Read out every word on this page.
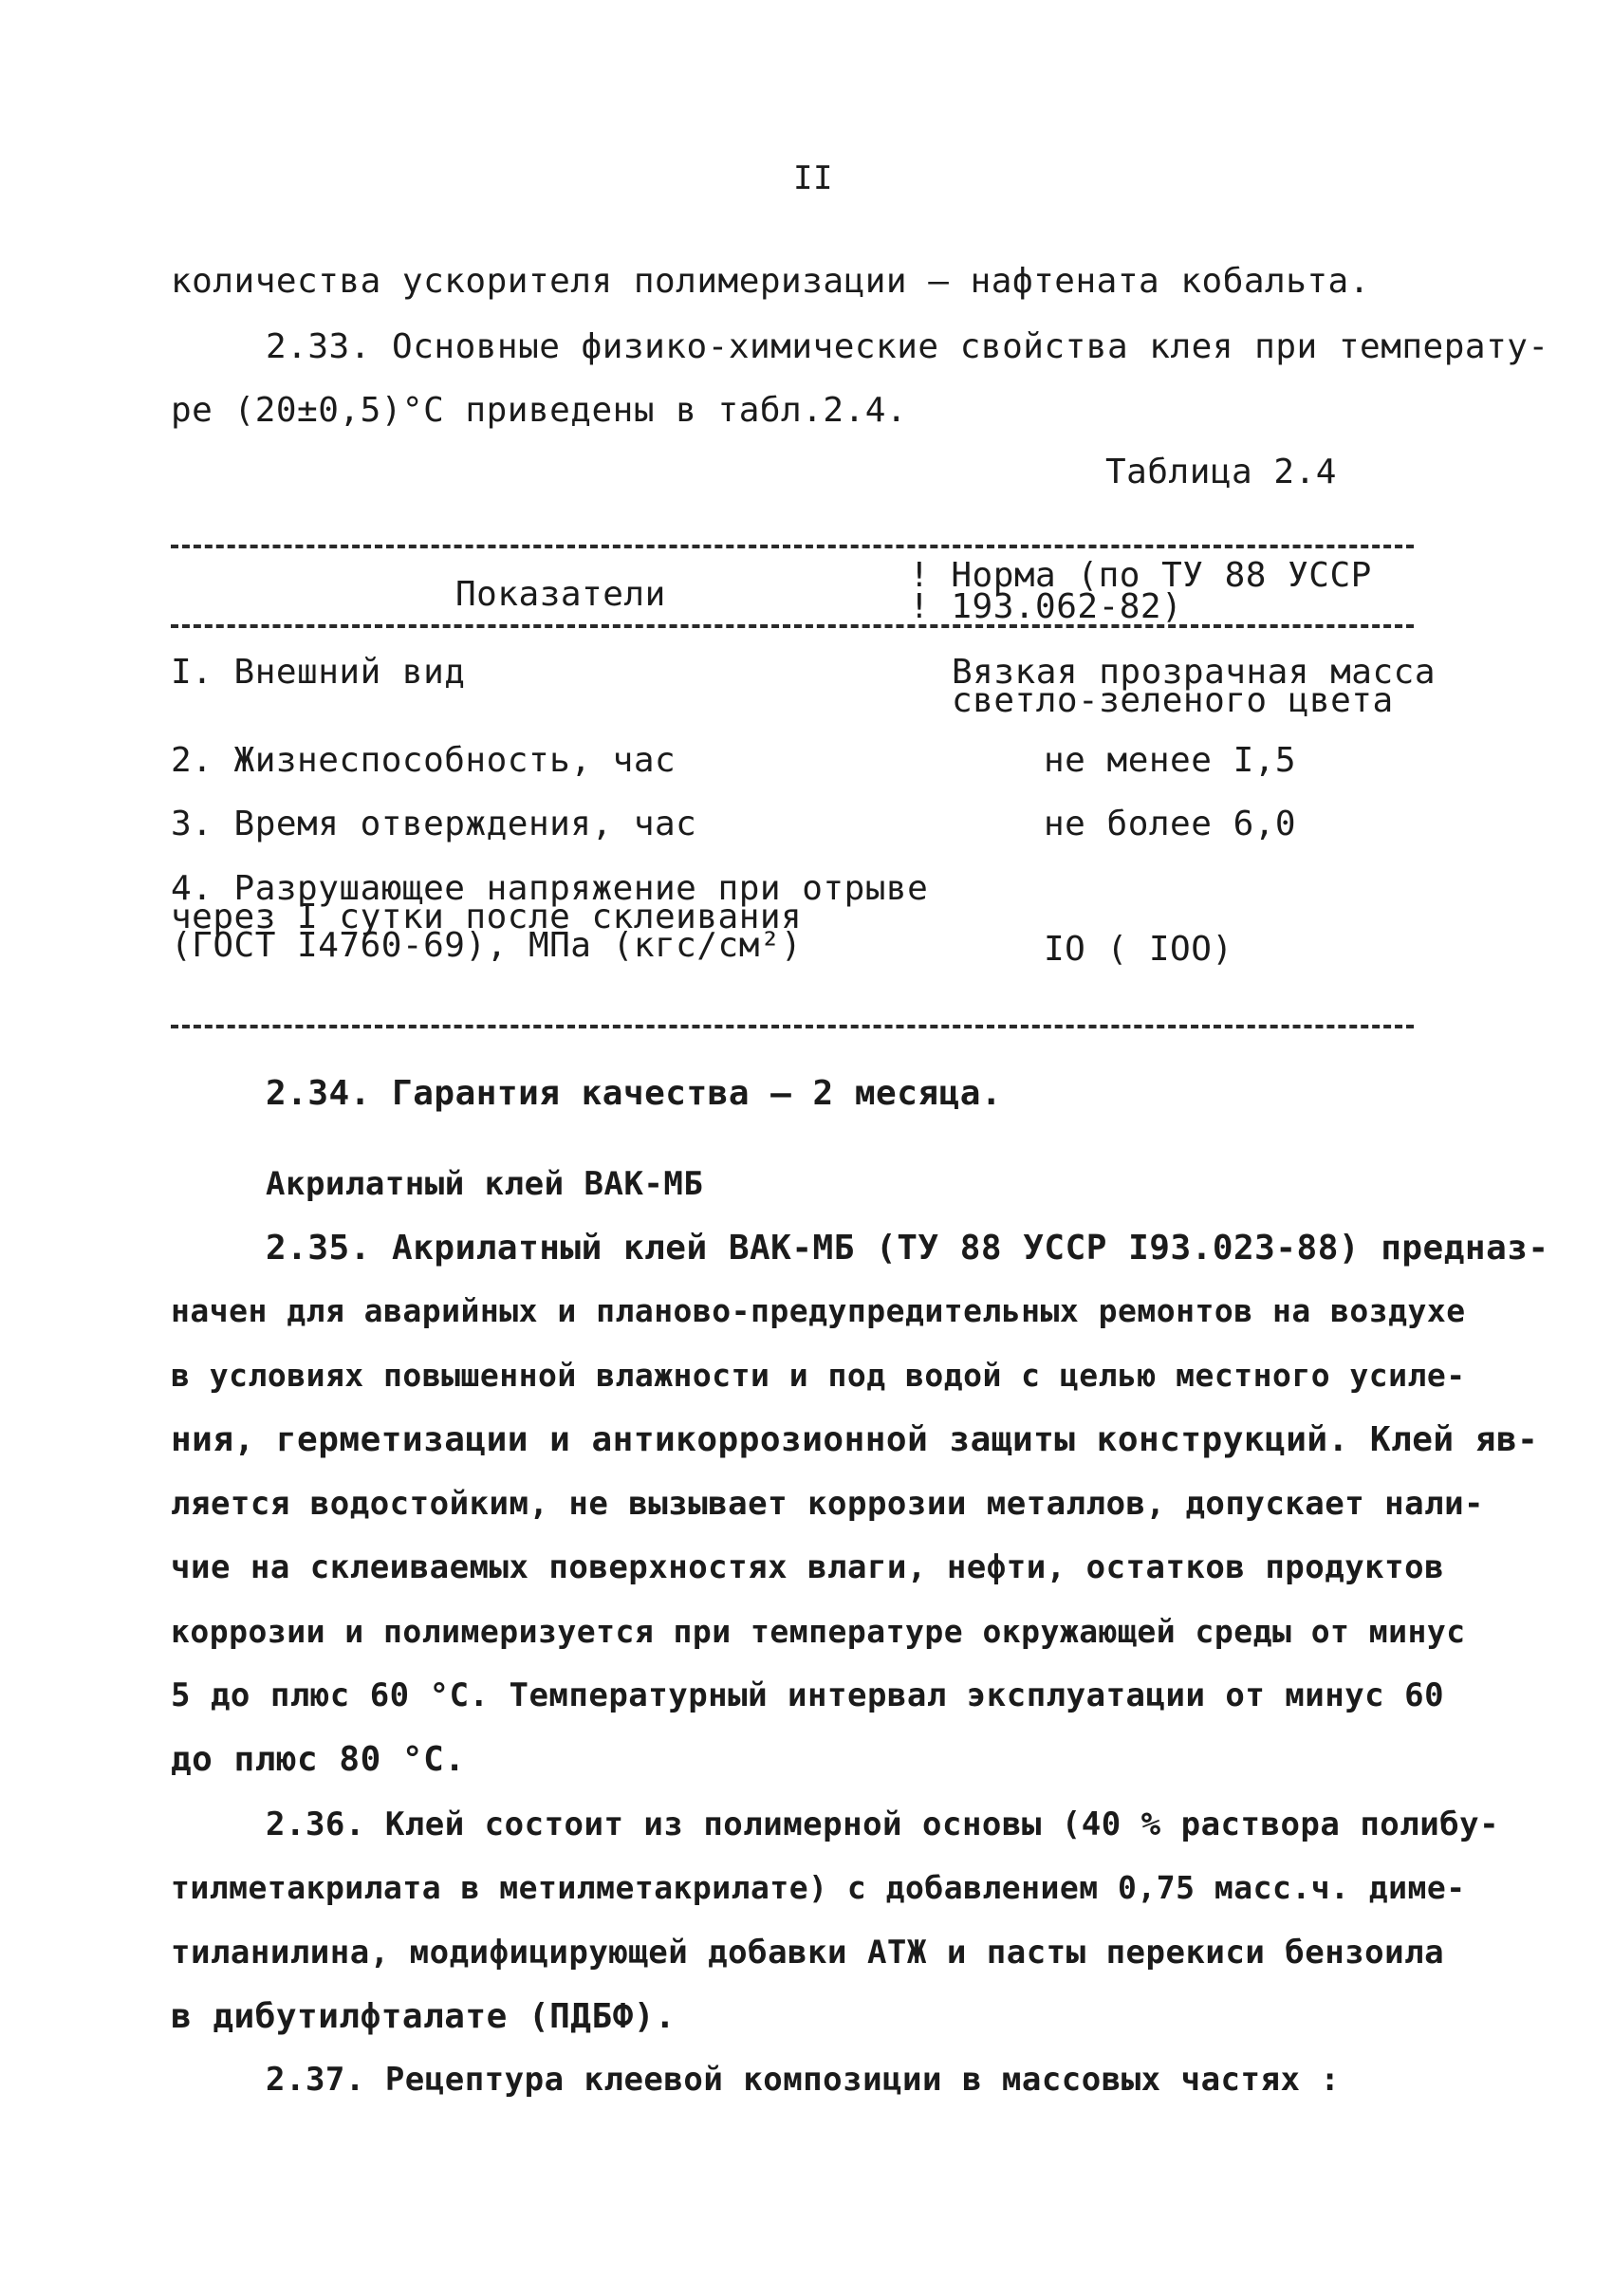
II
количества ускорителя полимеризации – нафтената кобальта.
2.33. Основные физико-химические свойства клея при температу-
ре (20±0,5)°С приведены в табл.2.4.
Таблица 2.4
Показатели	! Норма (по ТУ 88 УССР
! 193.062-82)
I. Внешний вид	Вязкая прозрачная масса
светло-зеленого цвета
2. Жизнеспособность, час	не менее I,5
3. Время отверждения, час	не более 6,0
4. Разрушающее напряжение при отрыве
через I сутки после склеивания
(ГОСТ I4760-69), МПа (кгс/см²)	IO ( IOO)
2.34. Гарантия качества – 2 месяца.
Акрилатный клей ВАК-МБ
2.35. Акрилатный клей ВАК-МБ (ТУ 88 УССР I93.023-88) предназ-
начен для аварийных и планово-предупредительных ремонтов на воздухе
в условиях повышенной влажности и под водой с целью местного усиле-
ния, герметизации и антикоррозионной защиты конструкций. Клей яв-
ляется водостойким, не вызывает коррозии металлов, допускает нали-
чие на склеиваемых поверхностях влаги, нефти, остатков продуктов
коррозии и полимеризуется при температуре окружающей среды от минус
5 до плюс 60 °С. Температурный интервал эксплуатации от минус 60
до плюс 80 °С.
2.36. Клей состоит из полимерной основы (40 % раствора полибу-
тилметакрилата в метилметакрилате) с добавлением 0,75 масс.ч. диме-
тиланилина, модифицирующей добавки АТЖ и пасты перекиси бензоила
в дибутилфталате (ПДБФ).
2.37. Рецептура клеевой композиции в массовых частях :
